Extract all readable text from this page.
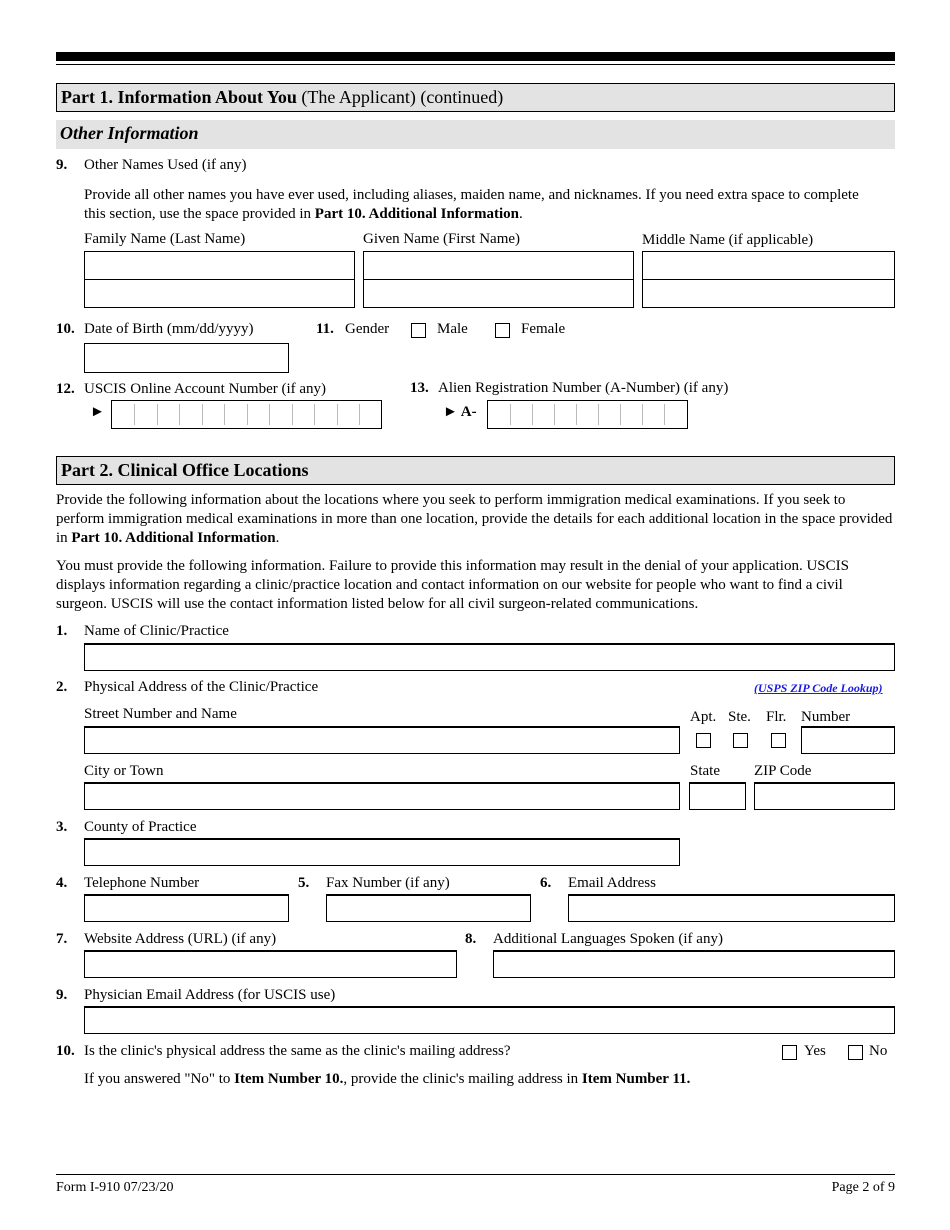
Part 1. Information About You (The Applicant) (continued)
Other Information
9. Other Names Used (if any)
Provide all other names you have ever used, including aliases, maiden name, and nicknames. If you need extra space to complete this section, use the space provided in Part 10. Additional Information.
Family Name (Last Name)	Given Name (First Name)	Middle Name (if applicable)
10. Date of Birth (mm/dd/yyyy)	11. Gender	Male	Female
12. USCIS Online Account Number (if any)
►
13. Alien Registration Number (A-Number) (if any)
► A-
Part 2. Clinical Office Locations
Provide the following information about the locations where you seek to perform immigration medical examinations. If you seek to perform immigration medical examinations in more than one location, provide the details for each additional location in the space provided in Part 10. Additional Information.
You must provide the following information. Failure to provide this information may result in the denial of your application. USCIS displays information regarding a clinic/practice location and contact information on our website for people who want to find a civil surgeon. USCIS will use the contact information listed below for all civil surgeon-related communications.
1. Name of Clinic/Practice
2. Physical Address of the Clinic/Practice	(USPS ZIP Code Lookup)
Street Number and Name	Apt. Ste. Flr. Number
City or Town	State ZIP Code
3. County of Practice
4. Telephone Number	5. Fax Number (if any)	6. Email Address
7. Website Address (URL) (if any)	8. Additional Languages Spoken (if any)
9. Physician Email Address (for USCIS use)
10. Is the clinic's physical address the same as the clinic's mailing address?	Yes	No
If you answered "No" to Item Number 10., provide the clinic's mailing address in Item Number 11.
Form I-910 07/23/20	Page 2 of 9
